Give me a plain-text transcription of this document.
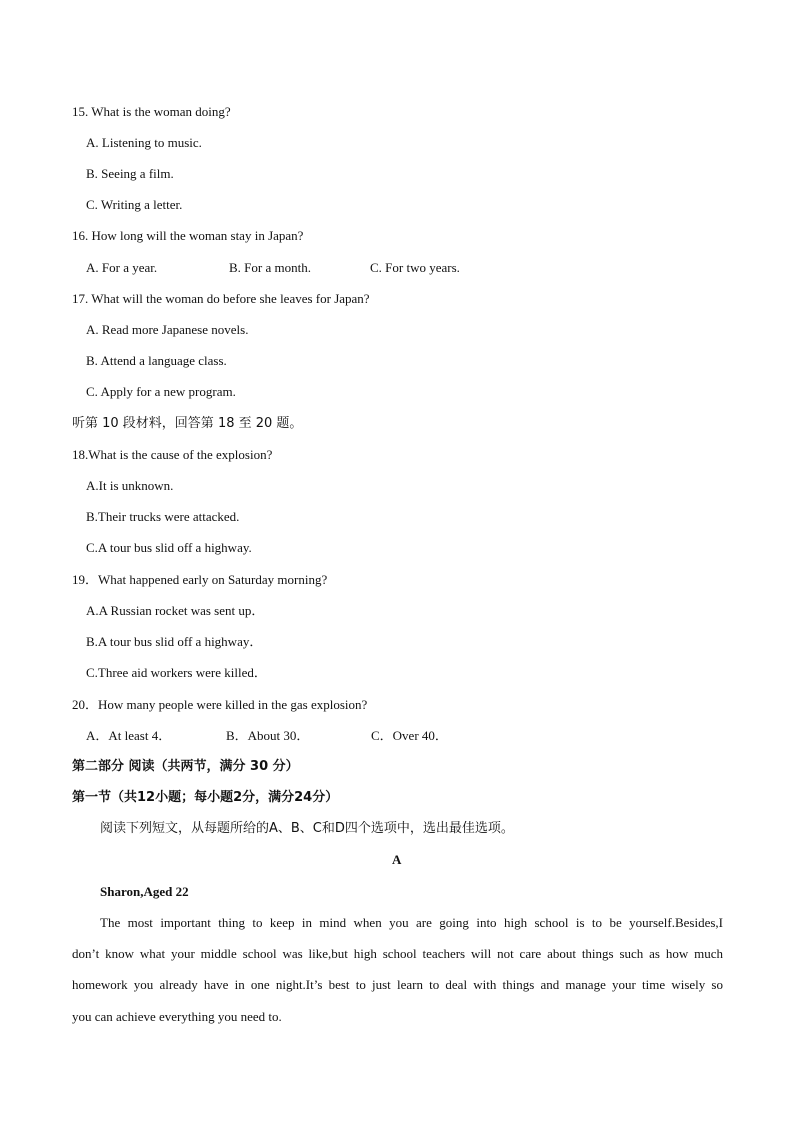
15. What is the woman doing?
A. Listening to music.
B. Seeing a film.
C. Writing a letter.
16. How long will the woman stay in Japan?
A. For a year.	B. For a month.	C. For two years.
17. What will the woman do before she leaves for Japan?
A. Read more Japanese novels.
B. Attend a language class.
C. Apply for a new program.
听第 10 段材料，回答第 18 至 20 题。
18.What is the cause of the explosion?
A.It is unknown.
B.Their trucks were attacked.
C.A tour bus slid off a highway.
19．What happened early on Saturday morning?
A.A Russian rocket was sent up．
B.A tour bus slid off a highway．
C.Three aid workers were killed．
20．How many people were killed in the gas explosion?
A．At least 4．	B．About 30．	C．Over 40．
第二部分 阅读（共两节，满分 30 分）
第一节（共12小题；每小题2分，满分24分）
阅读下列短文，从每题所给的A、B、C和D四个选项中，选出最佳选项。
A
Sharon,Aged 22
The most important thing to keep in mind when you are going into high school is to be yourself.Besides,I
don’t know what your middle school was like,but high school teachers will not care about things such as how much
homework you already have in one night.It’s best to just learn to deal with things and manage your time wisely so
you can achieve everything you need to.
